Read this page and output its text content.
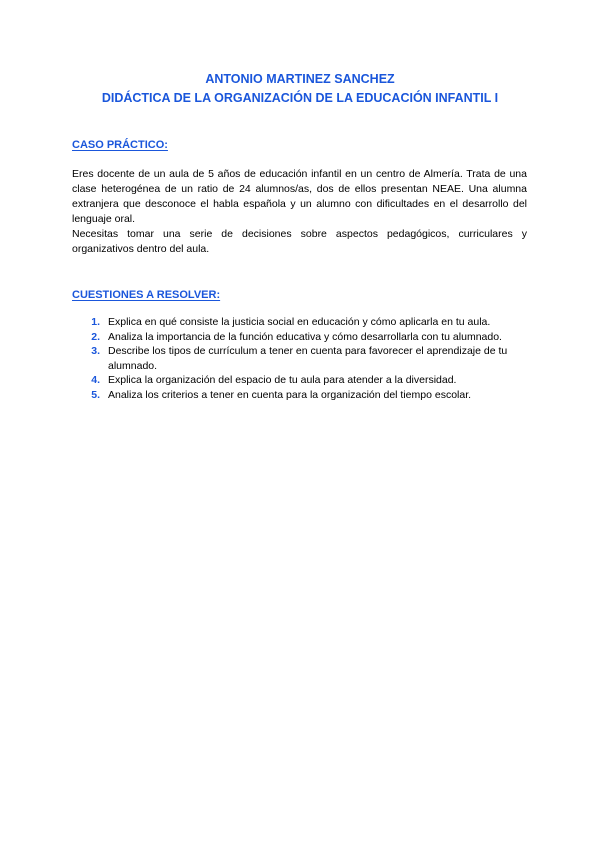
ANTONIO MARTINEZ SANCHEZ
DIDÁCTICA DE LA ORGANIZACIÓN DE LA EDUCACIÓN INFANTIL I
CASO PRÁCTICO:

Eres docente de un aula de 5 años de educación infantil en un centro de Almería. Trata de una clase heterogénea de un ratio de 24 alumnos/as, dos de ellos presentan NEAE. Una alumna extranjera que desconoce el habla española y un alumno con dificultades en el desarrollo del lenguaje oral.

Necesitas tomar una serie de decisiones sobre aspectos pedagógicos, curriculares y organizativos dentro del aula.

CUESTIONES A RESOLVER:
1. Explica en qué consiste la justicia social en educación y cómo aplicarla en tu aula.
2. Analiza la importancia de la función educativa y cómo desarrollarla con tu alumnado.
3. Describe los tipos de currículum a tener en cuenta para favorecer el aprendizaje de tu alumnado.
4. Explica la organización del espacio de tu aula para atender a la diversidad.
5. Analiza los criterios a tener en cuenta para la organización del tiempo escolar.
